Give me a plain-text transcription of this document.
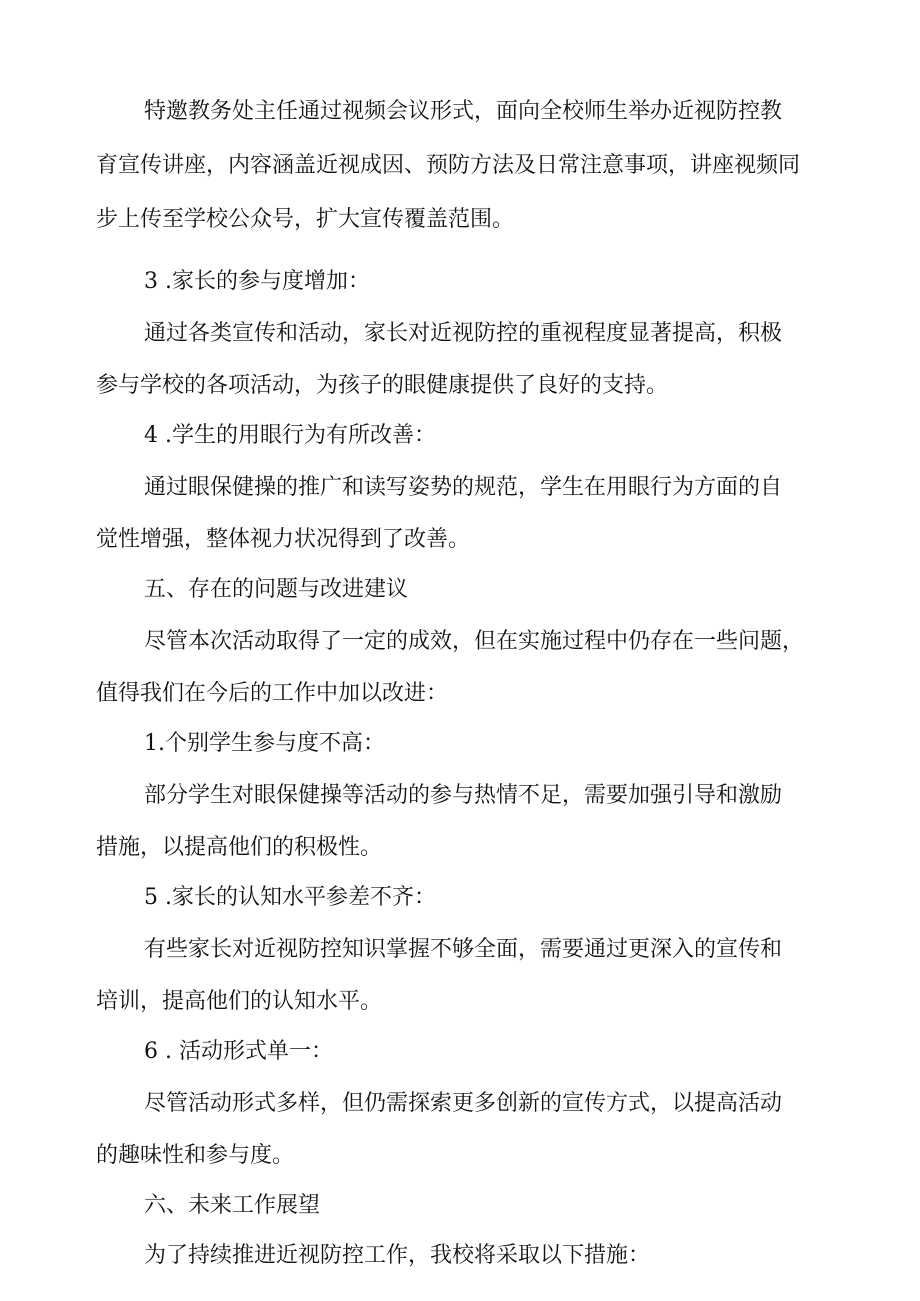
特邀教务处主任通过视频会议形式，面向全校师生举办近视防控教

育宣传讲座，内容涵盖近视成因、预防方法及日常注意事项，讲座视频同

步上传至学校公众号，扩大宣传覆盖范围。

3 .家长的参与度增加：

通过各类宣传和活动，家长对近视防控的重视程度显著提高，积极

参与学校的各项活动，为孩子的眼健康提供了良好的支持。

4 .学生的用眼行为有所改善：

通过眼保健操的推广和读写姿势的规范，学生在用眼行为方面的自

觉性增强，整体视力状况得到了改善。

五、存在的问题与改进建议

尽管本次活动取得了一定的成效，但在实施过程中仍存在一些问题，

值得我们在今后的工作中加以改进：

1.个别学生参与度不高：

部分学生对眼保健操等活动的参与热情不足，需要加强引导和激励

措施，以提高他们的积极性。

5 .家长的认知水平参差不齐：

有些家长对近视防控知识掌握不够全面，需要通过更深入的宣传和

培训，提高他们的认知水平。

6 . 活动形式单一：

尽管活动形式多样，但仍需探索更多创新的宣传方式，以提高活动

的趣味性和参与度。

六、未来工作展望

为了持续推进近视防控工作，我校将采取以下措施：
